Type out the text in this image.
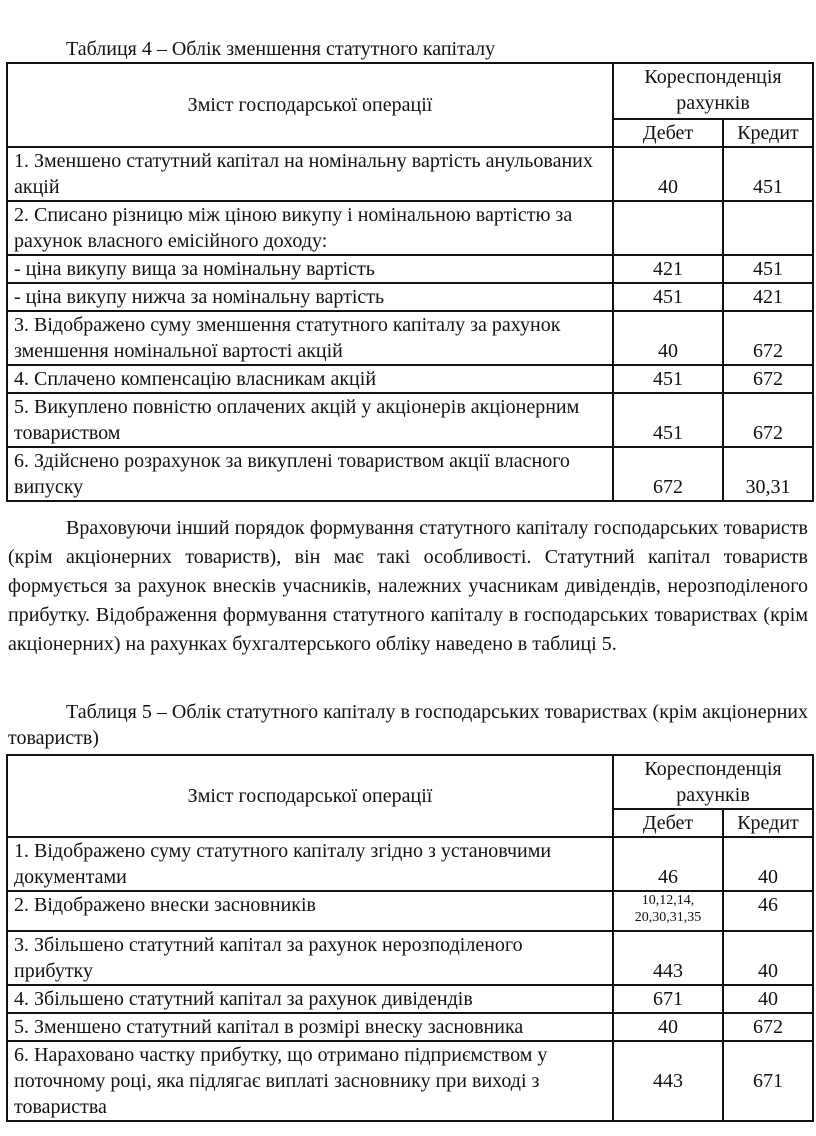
Таблиця 4 – Облік зменшення статутного капіталу
Зміст господарської операції	Кореспонденція рахунків	
	Дебет	Кредит
1. Зменшено статутний капітал на номінальну вартість анульованих акцій	40	451
2. Списано різницю між ціною викупу і номінальною вартістю за рахунок власного емісійного доходу:		
- ціна викупу вища за номінальну вартість	421	451
- ціна викупу нижча за номінальну вартість	451	421
3. Відображено суму зменшення статутного капіталу за рахунок зменшення номінальної вартості акцій	40	672
4. Сплачено компенсацію власникам акцій	451	672
5. Викуплено повністю оплачених акцій у акціонерів акціонерним товариством	451	672
6. Здійснено розрахунок за викуплені товариством акції власного випуску	672	30,31
Враховуючи інший порядок формування статутного капіталу господарських товариств (крім акціонерних товариств), він має такі особливості. Статутний капітал товариств формується за рахунок внесків учасників, належних учасникам дивідендів, нерозподіленого прибутку. Відображення формування статутного капіталу в господарських товариствах (крім акціонерних) на рахунках бухгалтерського обліку наведено в таблиці 5.
Таблиця 5 – Облік статутного капіталу в господарських товариствах (крім акціонерних товариств)
Зміст господарської операції	Кореспонденція рахунків	
	Дебет	Кредит
1. Відображено суму статутного капіталу згідно з установчими документами	46	40
2. Відображено внески засновників	10,12,14, 20,30,31,35	46
3. Збільшено статутний капітал за рахунок нерозподіленого прибутку	443	40
4. Збільшено статутний капітал за рахунок дивідендів	671	40
5. Зменшено статутний капітал в розмірі внеску засновника	40	672
6. Нараховано частку прибутку, що отримано підприємством у поточному році, яка підлягає виплаті засновнику при виході з товариства	443	671
